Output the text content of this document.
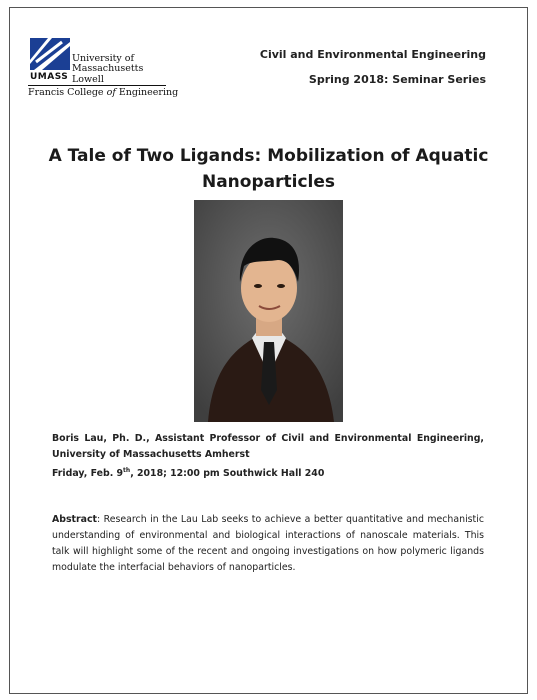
University of
Massachusetts
UMASS Lowell
Francis College of Engineering
Civil and Environmental Engineering
Spring 2018: Seminar Series
A Tale of Two Ligands: Mobilization of Aquatic Nanoparticles
Boris Lau, Ph. D., Assistant Professor of Civil and Environmental Engineering, University of Massachusetts Amherst
Friday, Feb. 9th, 2018; 12:00 pm Southwick Hall 240
Abstract: Research in the Lau Lab seeks to achieve a better quantitative and mechanistic understanding of environmental and biological interactions of nanoscale materials. This talk will highlight some of the recent and ongoing investigations on how polymeric ligands modulate the interfacial behaviors of nanoparticles.
